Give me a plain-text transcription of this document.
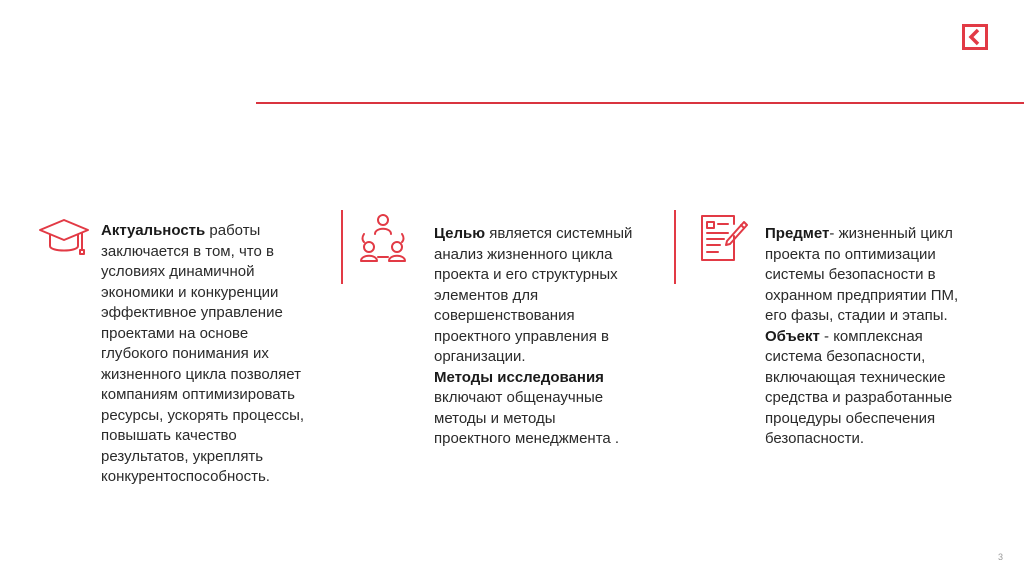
Актуальность работы заключается в том, что в условиях динамичной экономики и конкуренции эффективное управление проектами на основе глубокого понимания их жизненного цикла позволяет компаниям оптимизировать ресурсы, ускорять процессы, повышать качество результатов, укреплять конкурентоспособность.

Целью является системный анализ жизненного цикла проекта и его структурных элементов для совершенствования проектного управления в организации.

Методы исследования включают общенаучные методы и методы проектного менеджмента .

Предмет- жизненный цикл проекта по оптимизации системы безопасности в охранном предприятии ПМ, его фазы, стадии и этапы.

Объект - комплексная система безопасности, включающая технические средства и разработанные процедуры обеспечения безопасности.

3
